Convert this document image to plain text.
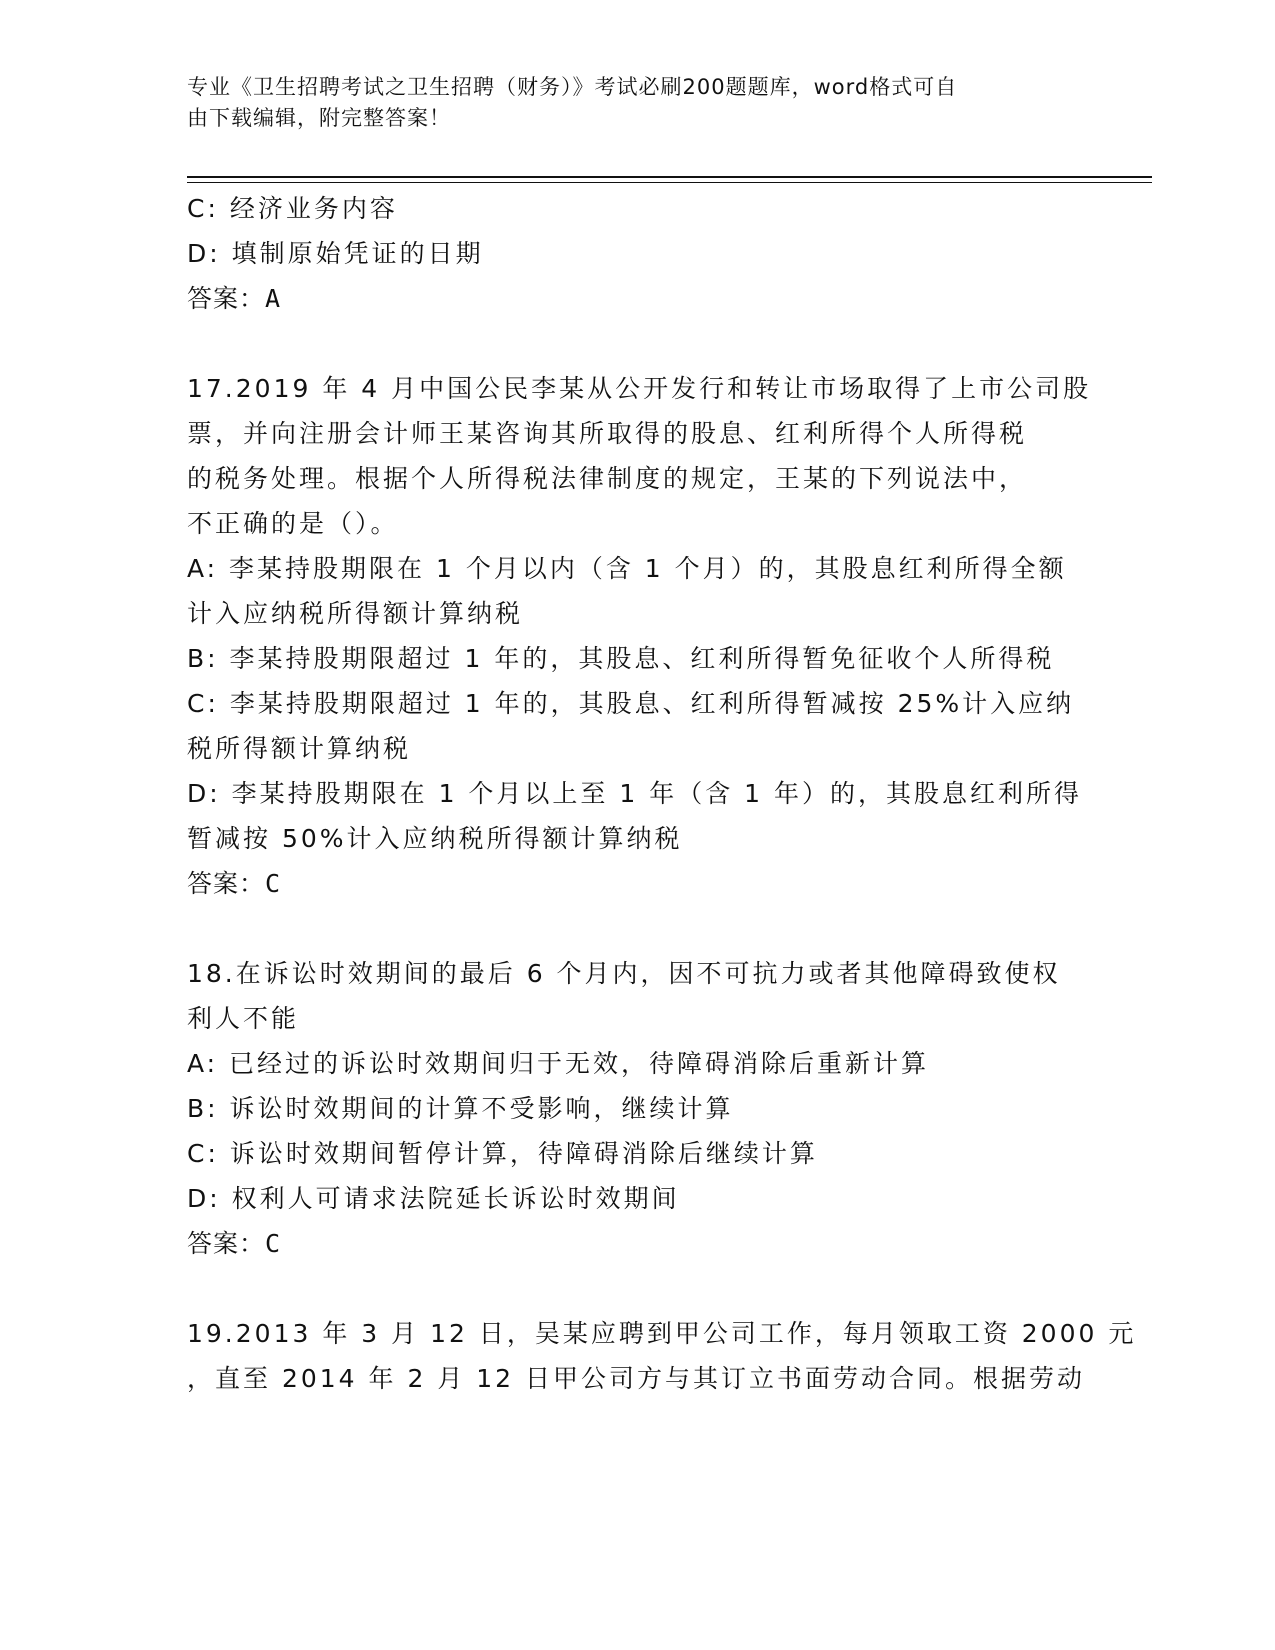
专业《卫生招聘考试之卫生招聘（财务）》考试必刷200题题库，word格式可自
由下载编辑，附完整答案！
C: 经济业务内容
D: 填制原始凭证的日期
答案：A
17.2019 年 4 月中国公民李某从公开发行和转让市场取得了上市公司股
票，并向注册会计师王某咨询其所取得的股息、红利所得个人所得税
的税务处理。根据个人所得税法律制度的规定，王某的下列说法中，
不正确的是（）。
A: 李某持股期限在 1 个月以内（含 1 个月）的，其股息红利所得全额
计入应纳税所得额计算纳税
B: 李某持股期限超过 1 年的，其股息、红利所得暂免征收个人所得税
C: 李某持股期限超过 1 年的，其股息、红利所得暂减按 25%计入应纳
税所得额计算纳税
D: 李某持股期限在 1 个月以上至 1 年（含 1 年）的，其股息红利所得
暂减按 50%计入应纳税所得额计算纳税
答案：C
18.在诉讼时效期间的最后 6 个月内，因不可抗力或者其他障碍致使权
利人不能
A: 已经过的诉讼时效期间归于无效，待障碍消除后重新计算
B: 诉讼时效期间的计算不受影响，继续计算
C: 诉讼时效期间暂停计算，待障碍消除后继续计算
D: 权利人可请求法院延长诉讼时效期间
答案：C
19.2013 年 3 月 12 日，吴某应聘到甲公司工作，每月领取工资 2000 元
，直至 2014 年 2 月 12 日甲公司方与其订立书面劳动合同。根据劳动
